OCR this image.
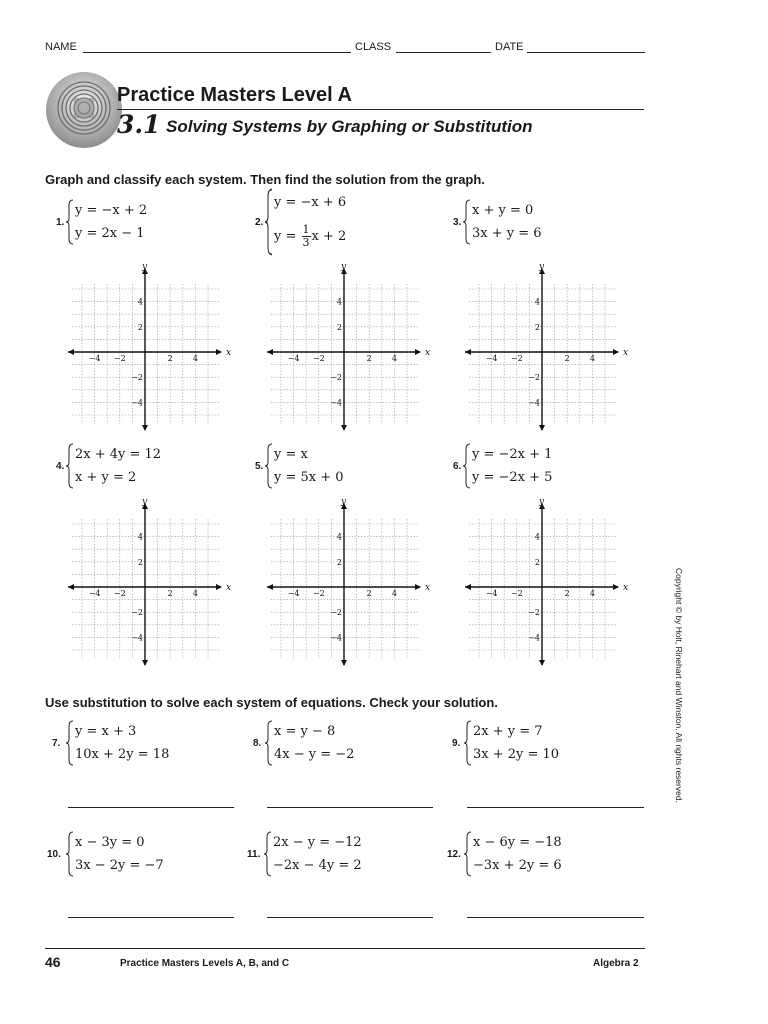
NAME	CLASS	DATE
Practice Masters Level A
3.1 Solving Systems by Graphing or Substitution
Graph and classify each system. Then find the solution from the graph.
1.
y = −x + 2
y = 2x − 1
2.
y = −x + 6
$y = \frac{1}{3}$ x + 2
3.
x + y = 0
3x + y = 6
4.
2x + 4y = 12
x + y = 2
5.
y = x
y = 5x + 0
6.
y = −2x + 1
y = −2x + 5
x
y
−4 −2	2	4
4
2
−2
−4
x
y
−4 −2	2	4
4
2
−2
−4
x
y
−4 −2	2	4
4
2
−2
−4
x
y
−4 −2	2	4
4
2
−2
−4
x
y
−4 −2	2	4
4
2
−2
−4
x
y
−4 −2	2	4
4
2
−2
−4
Use substitution to solve each system of equations. Check your solution.
7.
y = x + 3
10x + 2y = 18
8.
x = y − 8
4x − y = −2
9.
2x + y = 7
3x + 2y = 10
10.
x − 3y = 0
3x − 2y = −7
11.
2x − y = −12
−2x − 4y = 2
12.
x − 6y = −18
−3x + 2y = 6
Copyright © by Holt, Rinehart and Winston. All rights reserved.
46	Practice Masters Levels A, B, and C	Algebra 2
